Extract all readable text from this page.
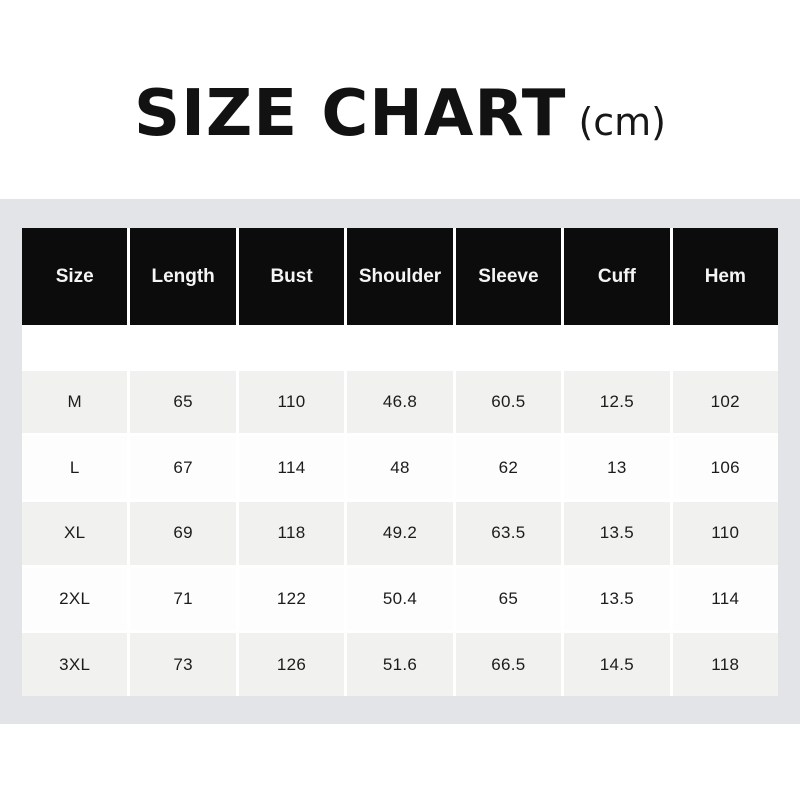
SIZE CHART (cm)
Size	Length	Bust	Shoulder	Sleeve	Cuff	Hem
M	65	110	46.8	60.5	12.5	102
L	67	114	48	62	13	106
XL	69	118	49.2	63.5	13.5	110
2XL	71	122	50.4	65	13.5	114
3XL	73	126	51.6	66.5	14.5	118
